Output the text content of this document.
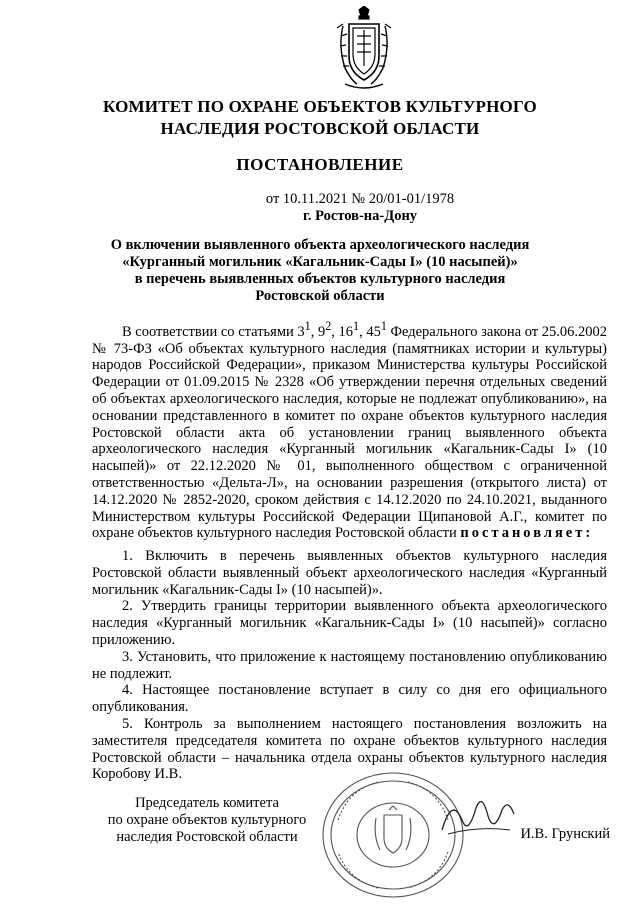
КОМИТЕТ ПО ОХРАНЕ ОБЪЕКТОВ КУЛЬТУРНОГО
НАСЛЕДИЯ РОСТОВСКОЙ ОБЛАСТИ
ПОСТАНОВЛЕНИЕ
от 10.11.2021 № 20/01-01/1978
г. Ростов-на-Дону
О включении выявленного объекта археологического наследия
«Курганный могильник «Кагальник-Сады I» (10 насыпей)»
в перечень выявленных объектов культурного наследия
Ростовской области
В соответствии со статьями $3^1$, $9^2$, $16^1$, $45^1$ Федерального закона от 25.06.2002 № 73-ФЗ «Об объектах культурного наследия (памятниках истории и культуры) народов Российской Федерации», приказом Министерства культуры Российской Федерации от 01.09.2015 № 2328 «Об утверждении перечня отдельных сведений об объектах археологического наследия, которые не подлежат опубликованию», на основании представленного в комитет по охране объектов культурного наследия Ростовской области акта об установлении границ выявленного объекта археологического наследия «Курганный могильник «Кагальник-Сады I» (10 насыпей)» от 22.12.2020 № 01, выполненного обществом с ограниченной ответственностью «Дельта-Л», на основании разрешения (открытого листа) от 14.12.2020 № 2852-2020, сроком действия с 14.12.2020 по 24.10.2021, выданного Министерством культуры Российской Федерации Щипановой А.Г., комитет по охране объектов культурного наследия Ростовской области постановляет:

1. Включить в перечень выявленных объектов культурного наследия Ростовской области выявленный объект археологического наследия «Курганный могильник «Кагальник-Сады I» (10 насыпей)».

2. Утвердить границы территории выявленного объекта археологического наследия «Курганный могильник «Кагальник-Сады I» (10 насыпей)» согласно приложению.

3. Установить, что приложение к настоящему постановлению опубликованию не подлежит.

4. Настоящее постановление вступает в силу со дня его официального опубликования.

5. Контроль за выполнением настоящего постановления возложить на заместителя председателя комитета по охране объектов культурного наследия Ростовской области – начальника отдела охраны объектов культурного наследия Коробову И.В.

Председатель комитета
по охране объектов культурного
наследия Ростовской области	И.В. Грунский
